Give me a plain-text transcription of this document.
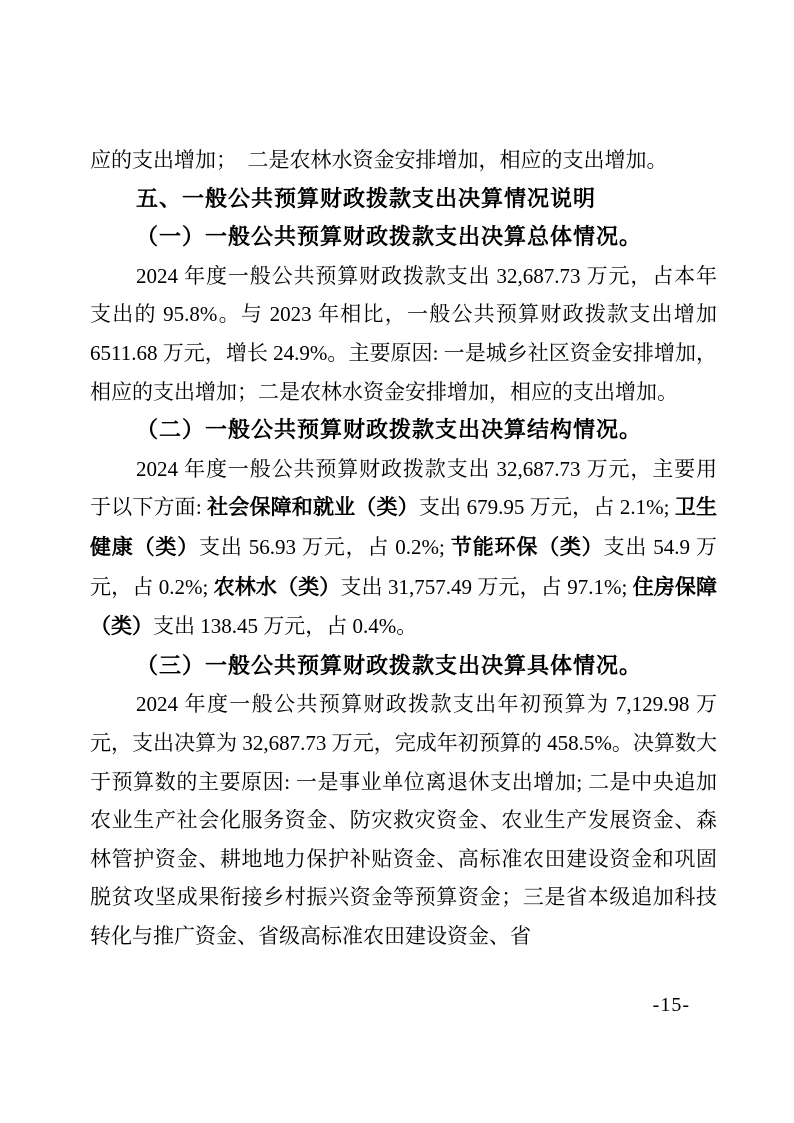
应的支出增加；　二是农林水资金安排增加，相应的支出增加。

五、一般公共预算财政拨款支出决算情况说明

（一）一般公共预算财政拨款支出决算总体情况。

2024 年度一般公共预算财政拨款支出 32,687.73 万元，占本年支出的 95.8%。与 2023 年相比，一般公共预算财政拨款支出增加 6511.68 万元，增长 24.9%。主要原因: 一是城乡社区资金安排增加，相应的支出增加；二是农林水资金安排增加，相应的支出增加。

（二）一般公共预算财政拨款支出决算结构情况。

2024 年度一般公共预算财政拨款支出 32,687.73 万元，主要用于以下方面: 社会保障和就业（类）支出 679.95 万元，占 2.1%; 卫生健康（类）支出 56.93 万元，占 0.2%; 节能环保（类）支出 54.9 万元，占 0.2%; 农林水（类）支出 31,757.49 万元，占 97.1%; 住房保障（类）支出 138.45 万元，占 0.4%。

（三）一般公共预算财政拨款支出决算具体情况。

2024 年度一般公共预算财政拨款支出年初预算为 7,129.98 万元，支出决算为 32,687.73 万元，完成年初预算的 458.5%。决算数大于预算数的主要原因: 一是事业单位离退休支出增加; 二是中央追加农业生产社会化服务资金、防灾救灾资金、农业生产发展资金、森林管护资金、耕地地力保护补贴资金、高标准农田建设资金和巩固脱贫攻坚成果衔接乡村振兴资金等预算资金；三是省本级追加科技转化与推广资金、省级高标准农田建设资金、省

-15-
